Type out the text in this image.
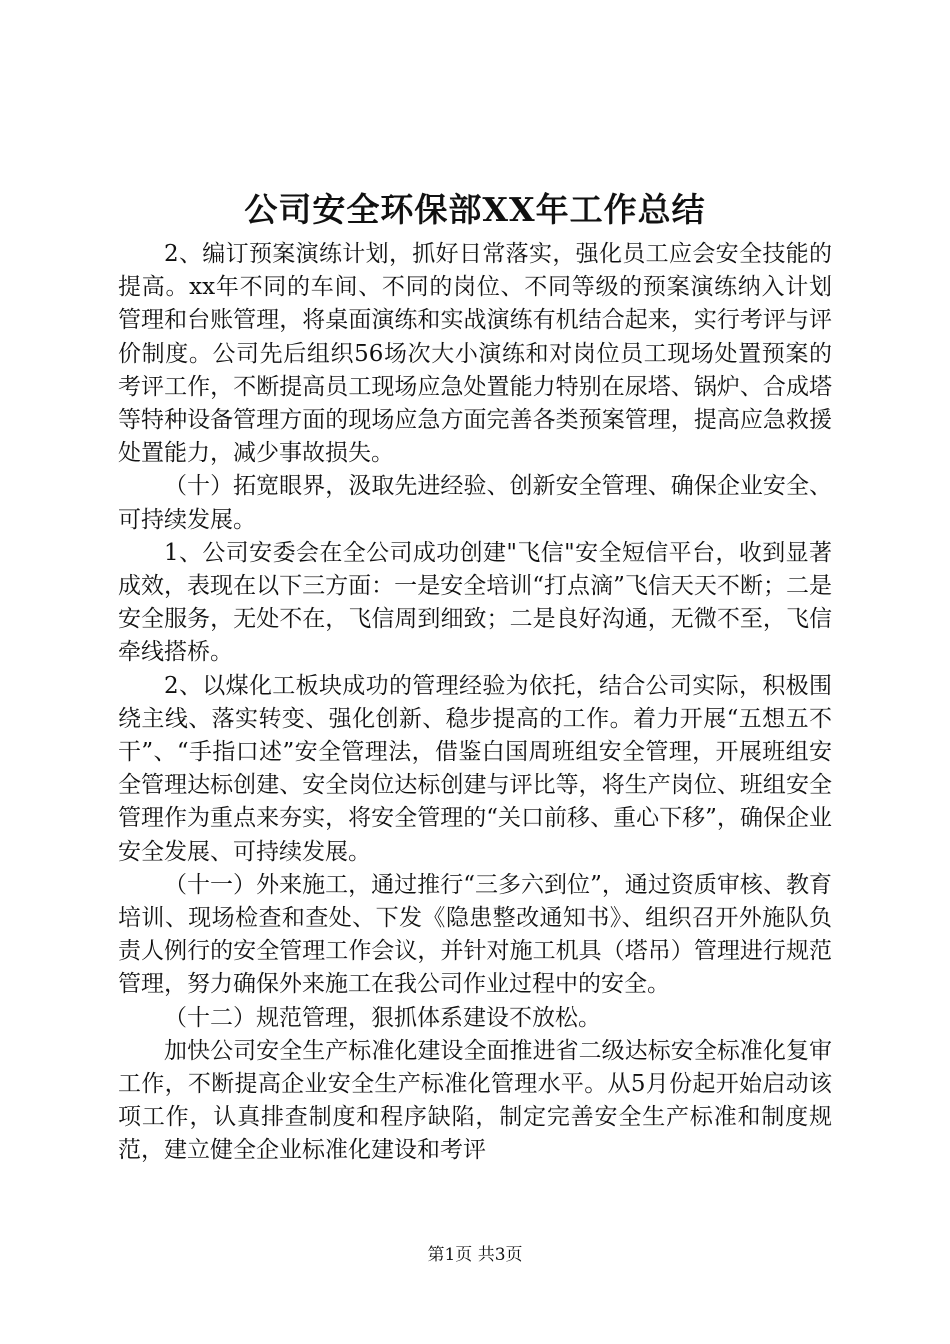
公司安全环保部XX年工作总结

2、编订预案演练计划，抓好日常落实，强化员工应会安全技能的提高。xx年不同的车间、不同的岗位、不同等级的预案演练纳入计划管理和台账管理，将桌面演练和实战演练有机结合起来，实行考评与评价制度。公司先后组织56场次大小演练和对岗位员工现场处置预案的考评工作，不断提高员工现场应急处置能力特别在尿塔、锅炉、合成塔等特种设备管理方面的现场应急方面完善各类预案管理，提高应急救援处置能力，减少事故损失。

（十）拓宽眼界，汲取先进经验、创新安全管理、确保企业安全、可持续发展。

1、公司安委会在全公司成功创建"飞信"安全短信平台，收到显著成效，表现在以下三方面：一是安全培训“打点滴”飞信天天不断；二是安全服务，无处不在，飞信周到细致；二是良好沟通，无微不至，飞信牵线搭桥。

2、以煤化工板块成功的管理经验为依托，结合公司实际，积极围绕主线、落实转变、强化创新、稳步提高的工作。着力开展“五想五不干”、“手指口述”安全管理法，借鉴白国周班组安全管理，开展班组安全管理达标创建、安全岗位达标创建与评比等，将生产岗位、班组安全管理作为重点来夯实，将安全管理的“关口前移、重心下移”，确保企业安全发展、可持续发展。

（十一）外来施工，通过推行“三多六到位”，通过资质审核、教育培训、现场检查和查处、下发《隐患整改通知书》、组织召开外施队负责人例行的安全管理工作会议，并针对施工机具（塔吊）管理进行规范管理，努力确保外来施工在我公司作业过程中的安全。

（十二）规范管理，狠抓体系建设不放松。

加快公司安全生产标准化建设全面推进省二级达标安全标准化复审工作，不断提高企业安全生产标准化管理水平。从5月份起开始启动该项工作，认真排查制度和程序缺陷，制定完善安全生产标准和制度规范，建立健全企业标准化建设和考评

第1页 共3页
